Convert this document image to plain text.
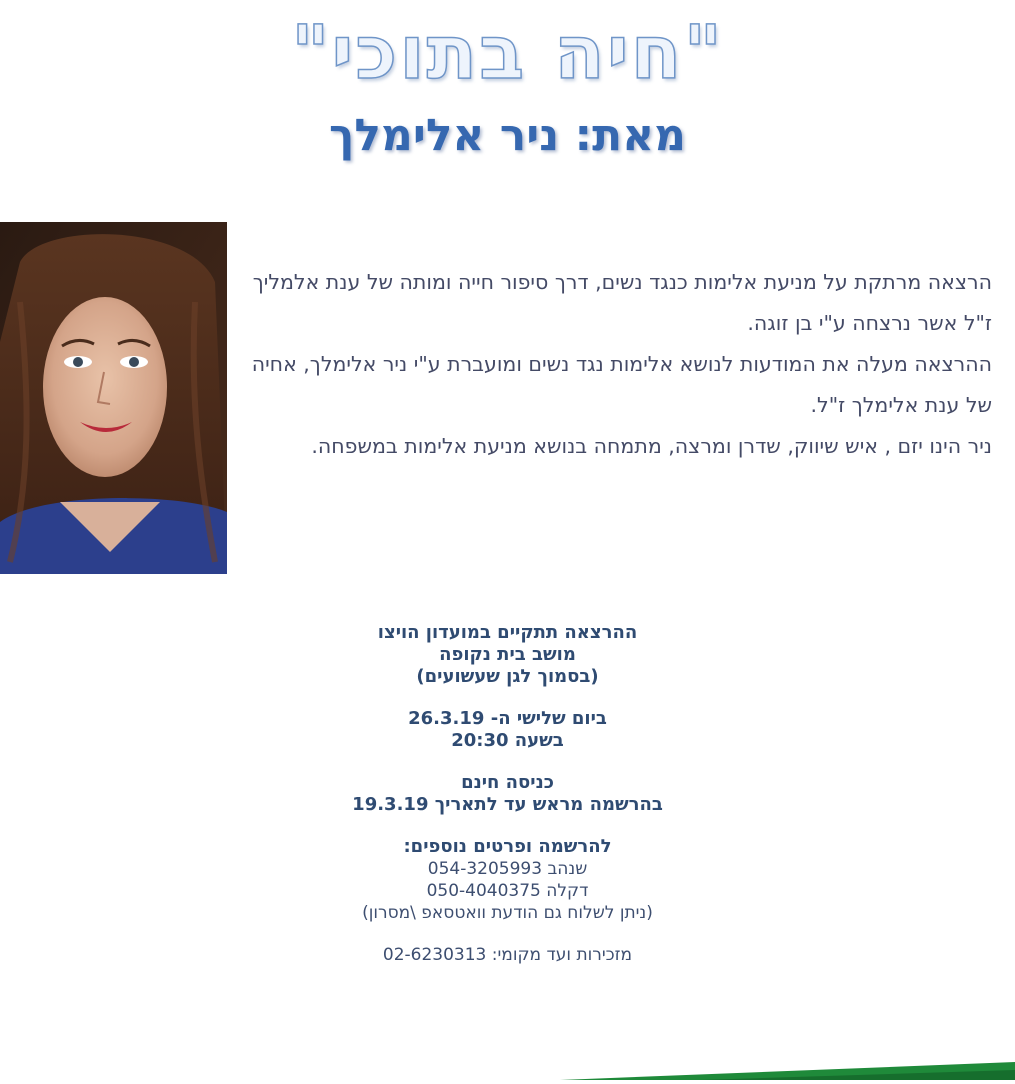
"חיה בתוכי"
מאת: ניר אלימלך

הרצאה מרתקת על מניעת אלימות כנגד נשים, דרך סיפור חייה ומותה של ענת אלמליך ז"ל אשר נרצחה ע"י בן זוגה.

ההרצאה מעלה את המודעות לנושא אלימות נגד נשים ומועברת ע"י ניר אלימלך, אחיה של ענת אלימלך ז"ל.

ניר הינו יזם , איש שיווק, שדרן ומרצה, מתמחה בנושא מניעת אלימות במשפחה.

ההרצאה תתקיים במועדון הויצו
מושב בית נקופה
(בסמוך לגן שעשועים)
ביום שלישי ה- 26.3.19
בשעה 20:30
כניסה חינם
בהרשמה מראש עד לתאריך 19.3.19
להרשמה ופרטים נוספים:
שנהב 054-3205993
דקלה 050-4040375
(ניתן לשלוח גם הודעת וואטסאפ \מסרון)
מזכירות ועד מקומי: 02-6230313
